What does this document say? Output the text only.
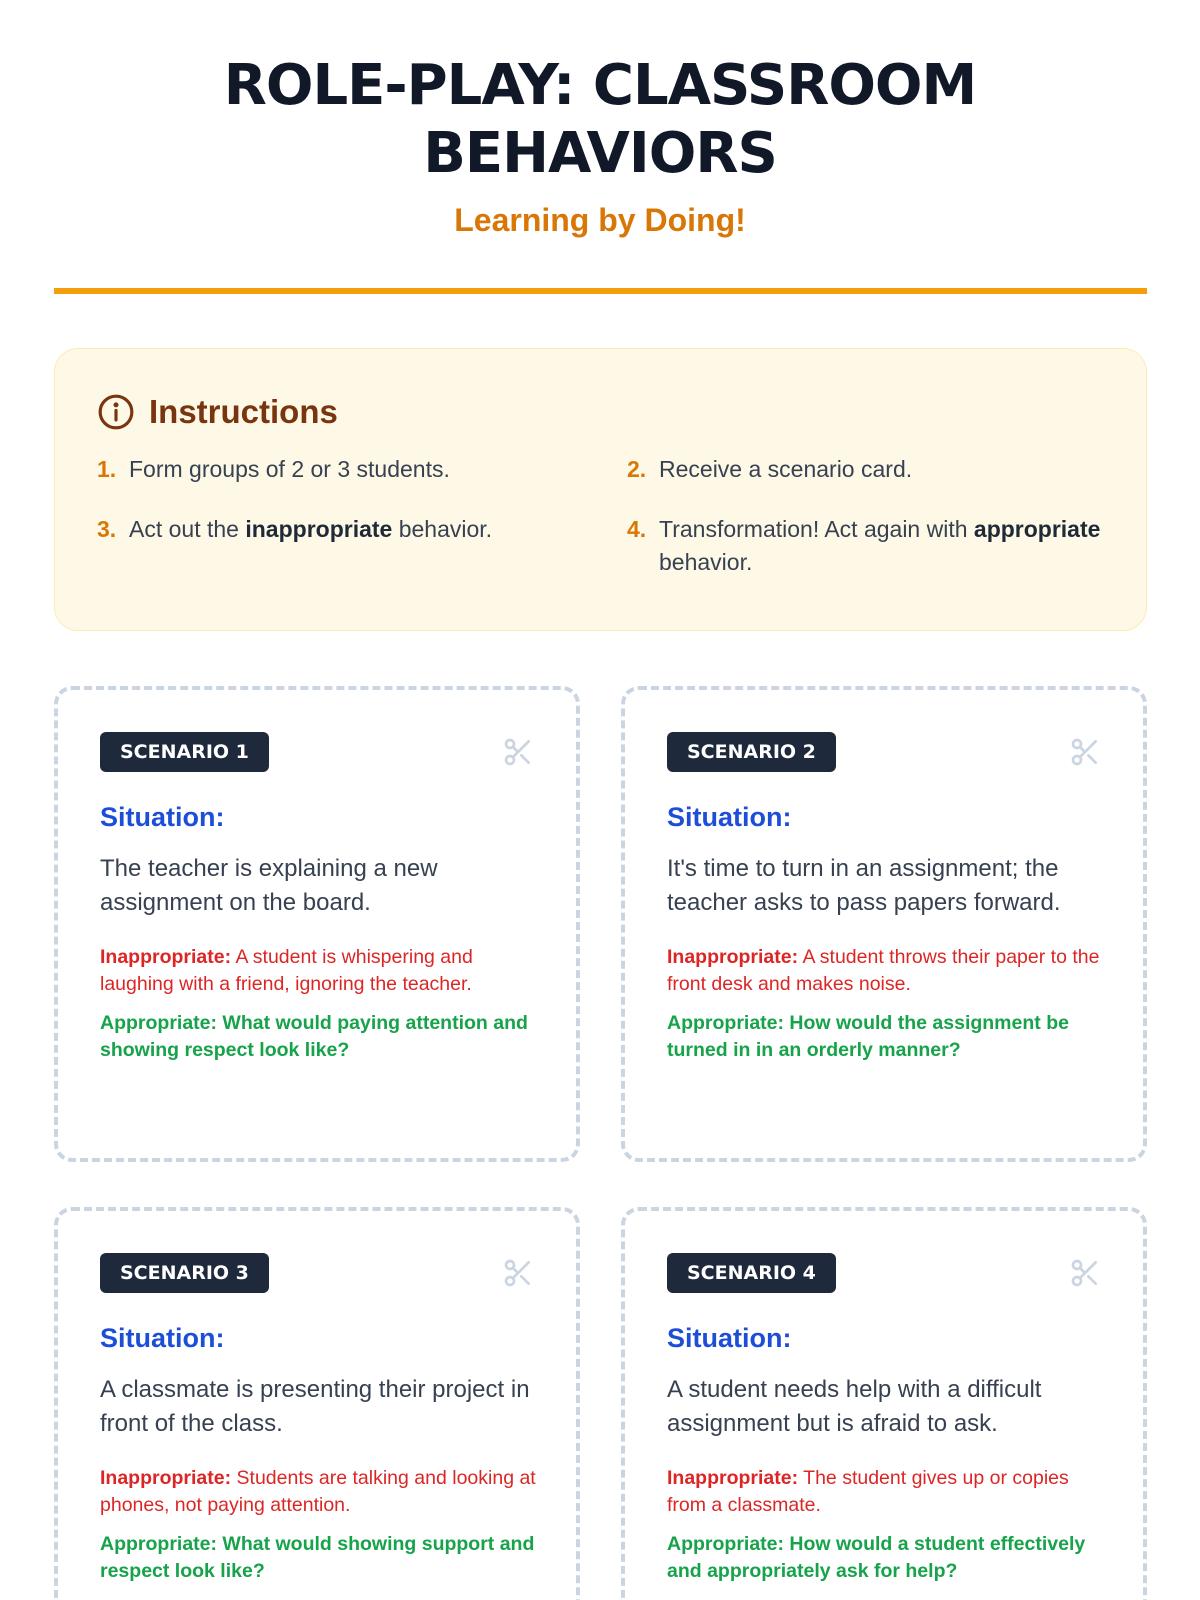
ROLE-PLAY: CLASSROOM
BEHAVIORS
Learning by Doing!
Instructions
1. Form groups of 2 or 3 students.	2. Receive a scenario card.
3. Act out the inappropriate behavior.	4. Transformation! Act again with appropriate behavior.
SCENARIO 1
Situation:
The teacher is explaining a new assignment on the board.
Inappropriate: A student is whispering and laughing with a friend, ignoring the teacher.
Appropriate: What would paying attention and showing respect look like?
SCENARIO 2
Situation:
It's time to turn in an assignment; the teacher asks to pass papers forward.
Inappropriate: A student throws their paper to the front desk and makes noise.
Appropriate: How would the assignment be turned in in an orderly manner?
SCENARIO 3
Situation:
A classmate is presenting their project in front of the class.
Inappropriate: Students are talking and looking at phones, not paying attention.
Appropriate: What would showing support and respect look like?
SCENARIO 4
Situation:
A student needs help with a difficult assignment but is afraid to ask.
Inappropriate: The student gives up or copies from a classmate.
Appropriate: How would a student effectively and appropriately ask for help?
